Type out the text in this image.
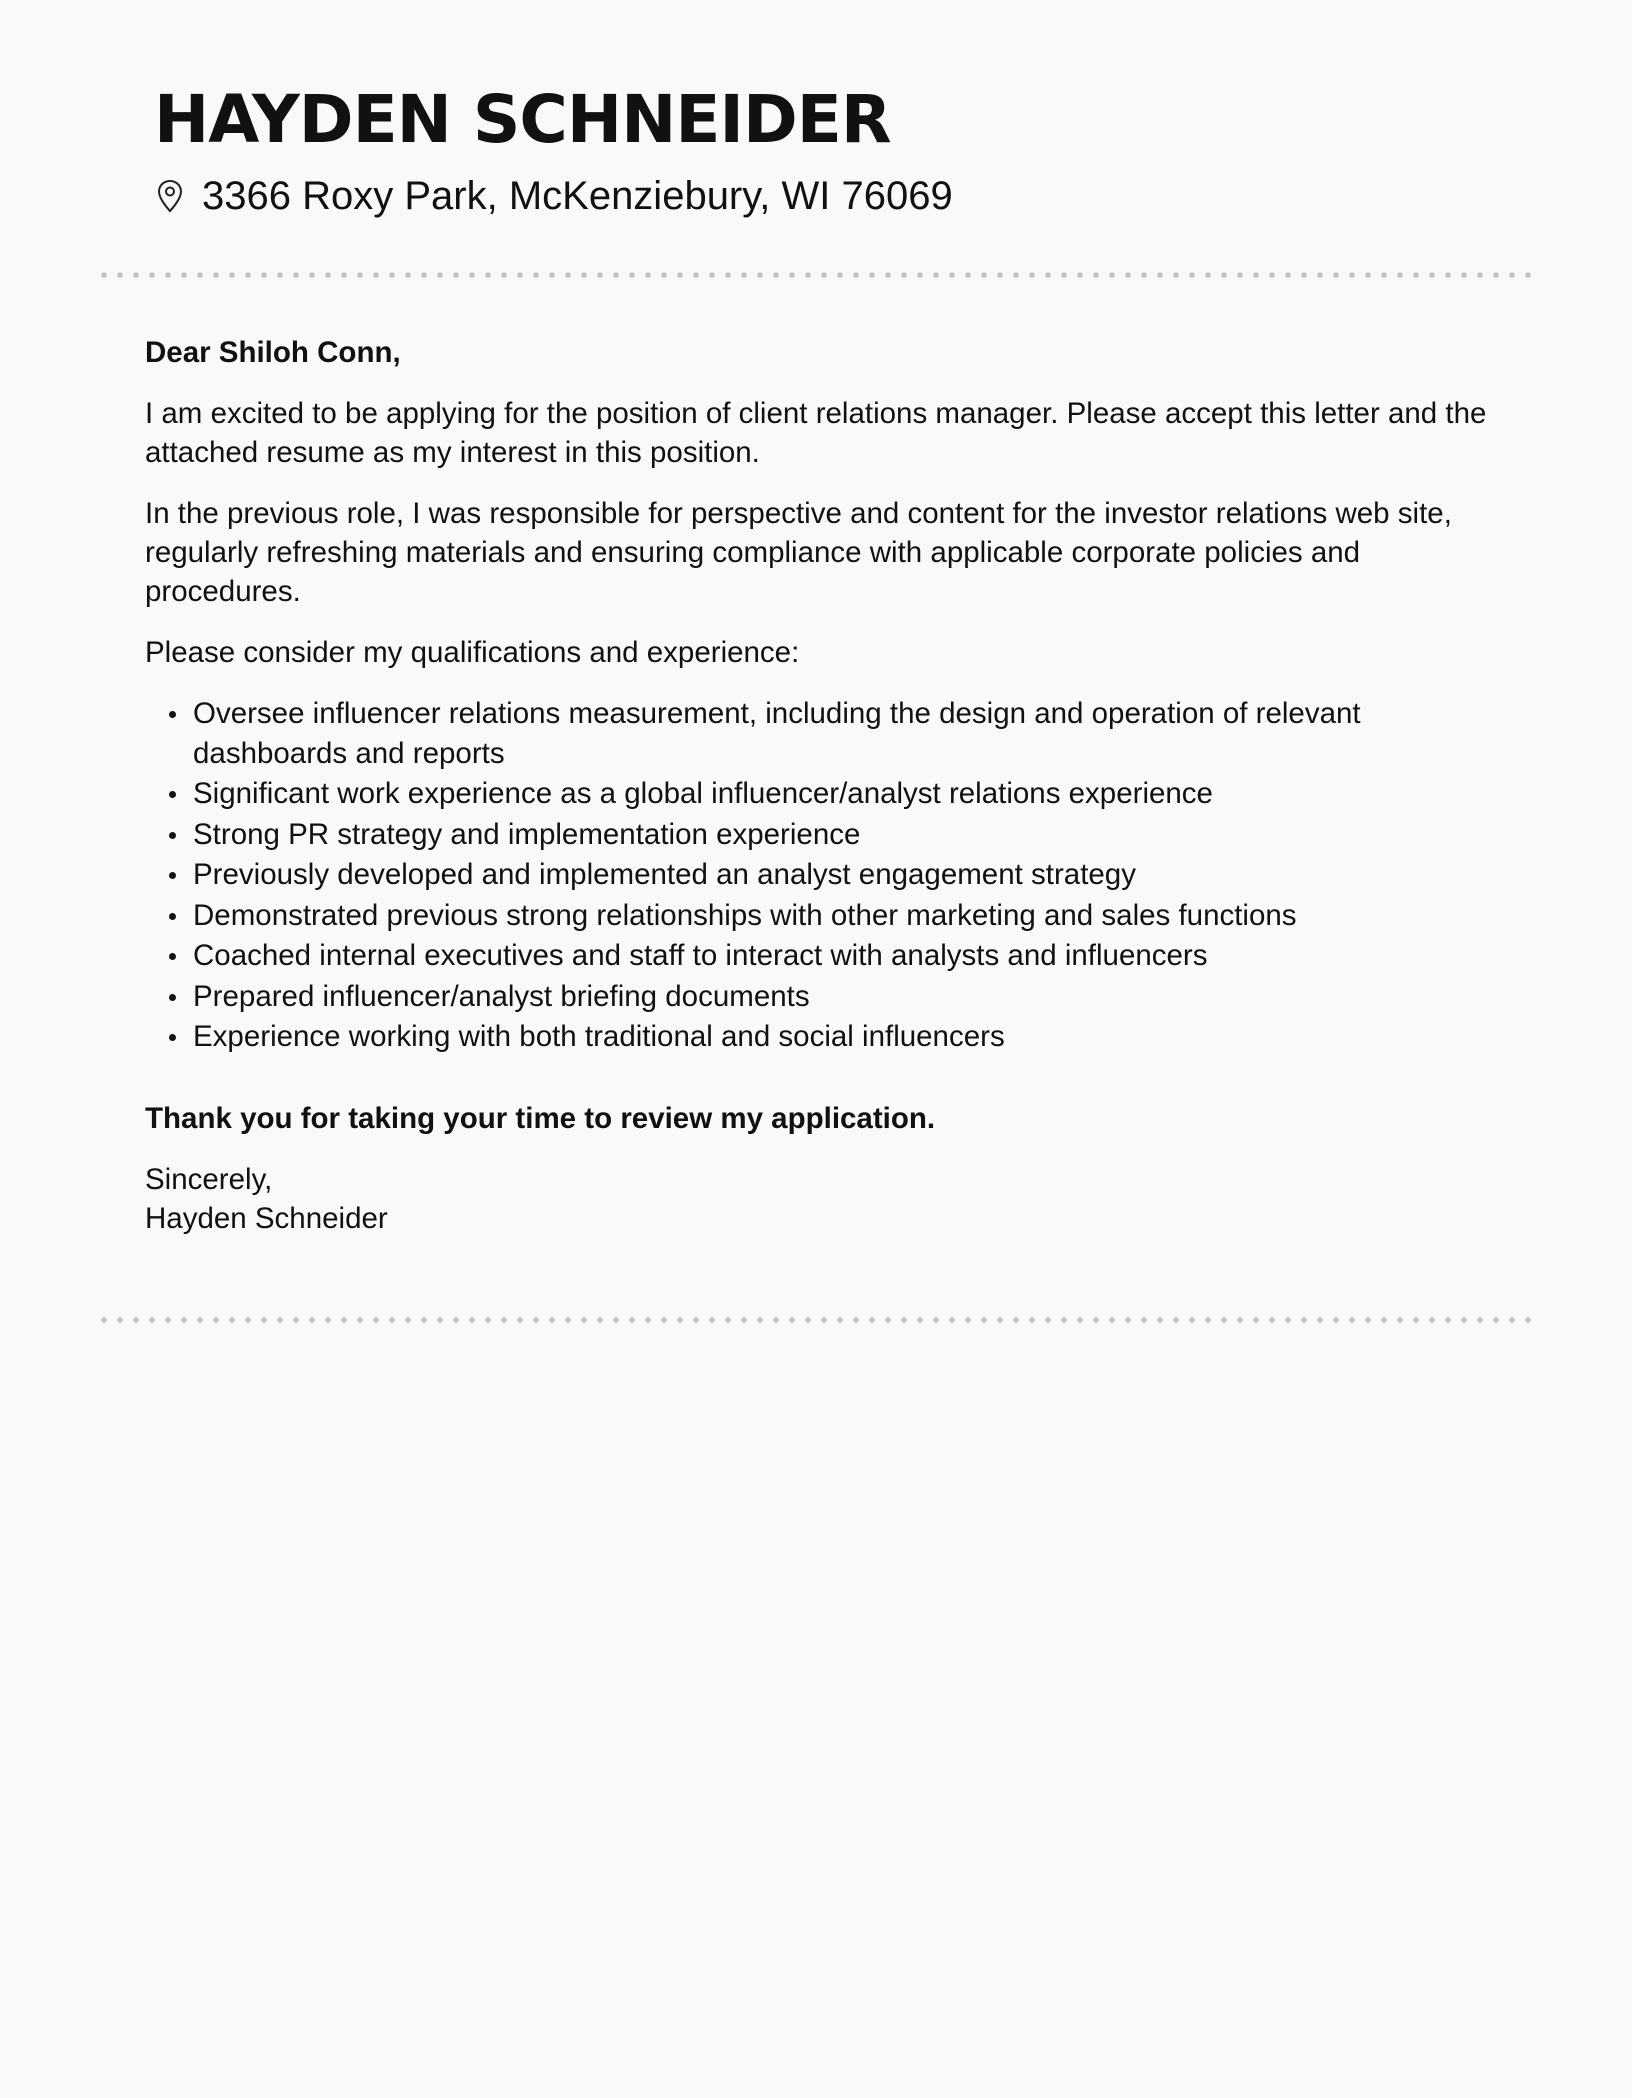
HAYDEN SCHNEIDER
3366 Roxy Park, McKenziebury, WI 76069

Dear Shiloh Conn,

I am excited to be applying for the position of client relations manager. Please accept this letter and the attached resume as my interest in this position.

In the previous role, I was responsible for perspective and content for the investor relations web site, regularly refreshing materials and ensuring compliance with applicable corporate policies and procedures.

Please consider my qualifications and experience:

Oversee influencer relations measurement, including the design and operation of relevant dashboards and reports
Significant work experience as a global influencer/analyst relations experience
Strong PR strategy and implementation experience
Previously developed and implemented an analyst engagement strategy
Demonstrated previous strong relationships with other marketing and sales functions
Coached internal executives and staff to interact with analysts and influencers
Prepared influencer/analyst briefing documents
Experience working with both traditional and social influencers

Thank you for taking your time to review my application.

Sincerely,

Hayden Schneider
